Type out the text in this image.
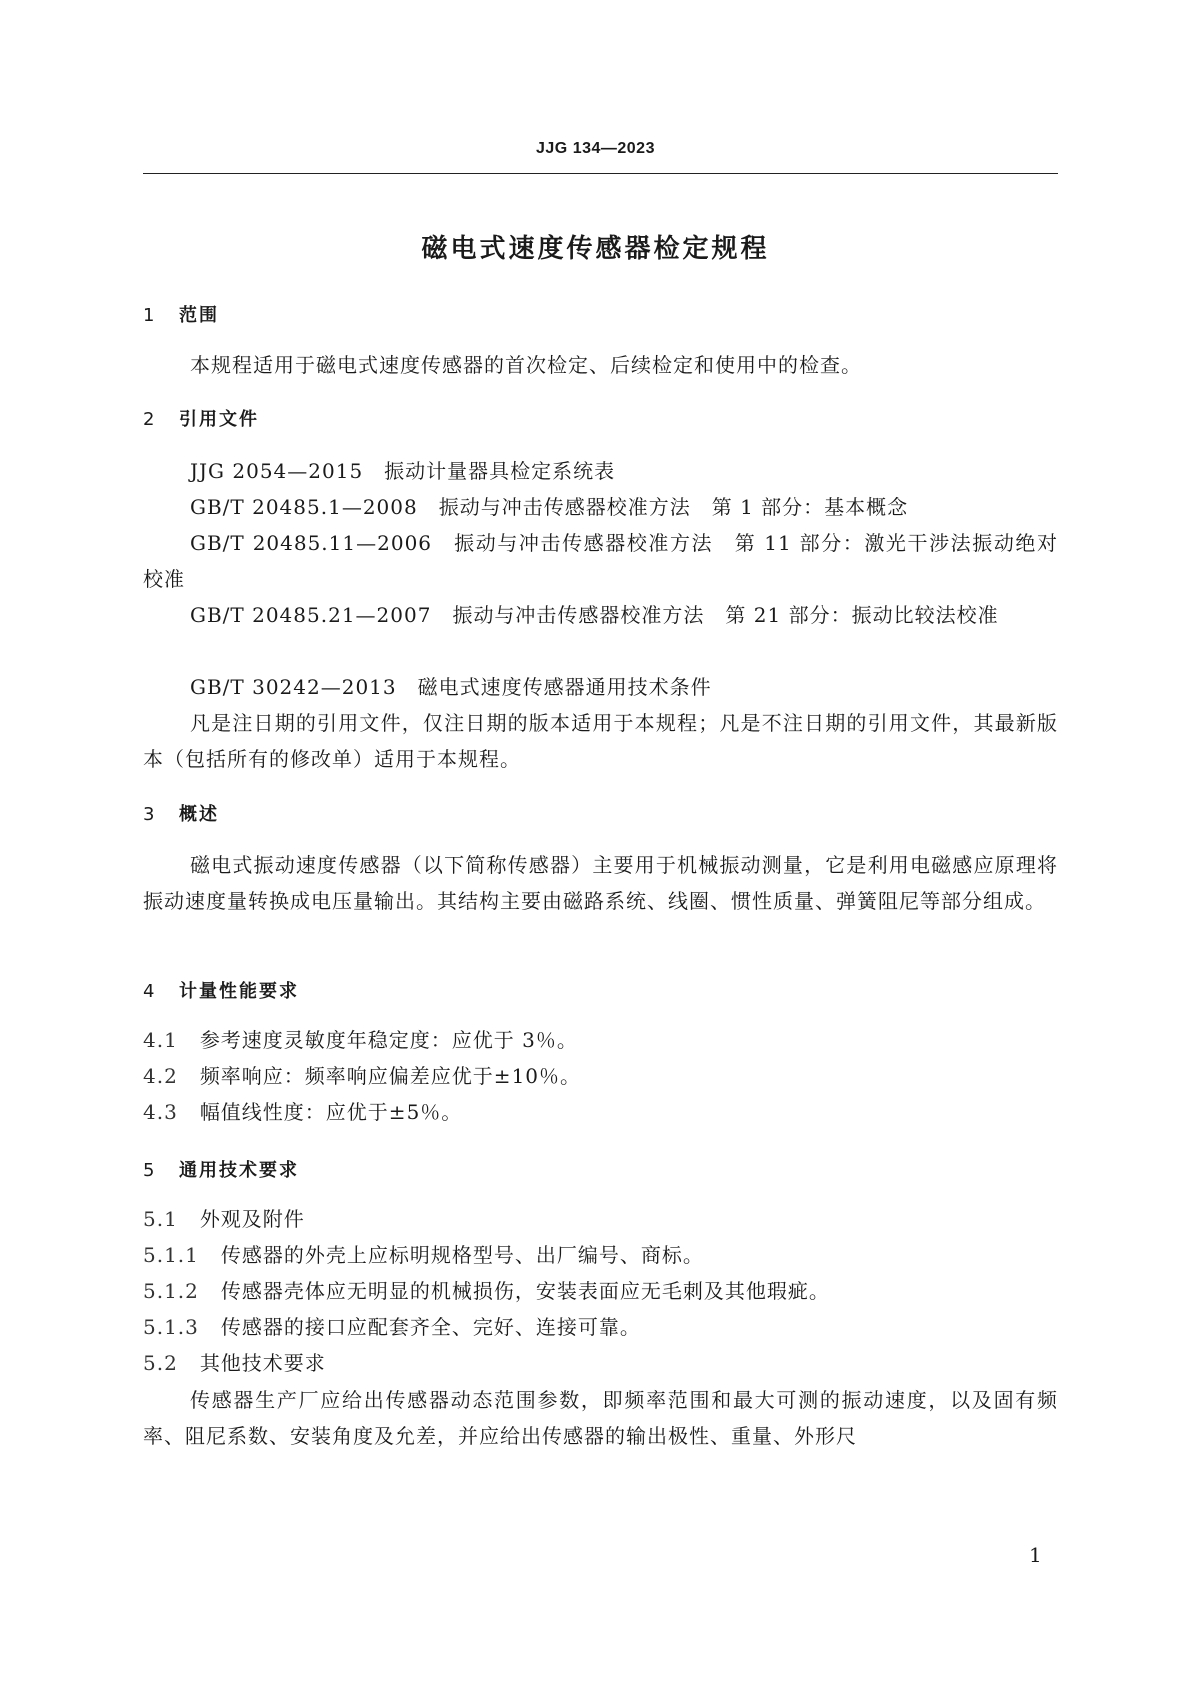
JJG 134—2023
磁电式速度传感器检定规程
1 范围
本规程适用于磁电式速度传感器的首次检定、后续检定和使用中的检查。
2 引用文件
JJG 2054—2015　振动计量器具检定系统表
GB/T 20485.1—2008　振动与冲击传感器校准方法　第 1 部分：基本概念
GB/T 20485.11—2006　振动与冲击传感器校准方法　第 11 部分：激光干涉法振动绝对校准
GB/T 20485.21—2007　振动与冲击传感器校准方法　第 21 部分：振动比较法校准
GB/T 30242—2013　磁电式速度传感器通用技术条件
凡是注日期的引用文件，仅注日期的版本适用于本规程；凡是不注日期的引用文件，其最新版本（包括所有的修改单）适用于本规程。
3 概述
磁电式振动速度传感器（以下简称传感器）主要用于机械振动测量，它是利用电磁感应原理将振动速度量转换成电压量输出。其结构主要由磁路系统、线圈、惯性质量、弹簧阻尼等部分组成。
4 计量性能要求
4.1 参考速度灵敏度年稳定度：应优于 3％。
4.2 频率响应：频率响应偏差应优于±10％。
4.3 幅值线性度：应优于±5％。
5 通用技术要求
5.1 外观及附件
5.1.1 传感器的外壳上应标明规格型号、出厂编号、商标。
5.1.2 传感器壳体应无明显的机械损伤，安装表面应无毛刺及其他瑕疵。
5.1.3 传感器的接口应配套齐全、完好、连接可靠。
5.2 其他技术要求
传感器生产厂应给出传感器动态范围参数，即频率范围和最大可测的振动速度，以及固有频率、阻尼系数、安装角度及允差，并应给出传感器的输出极性、重量、外形尺
1
